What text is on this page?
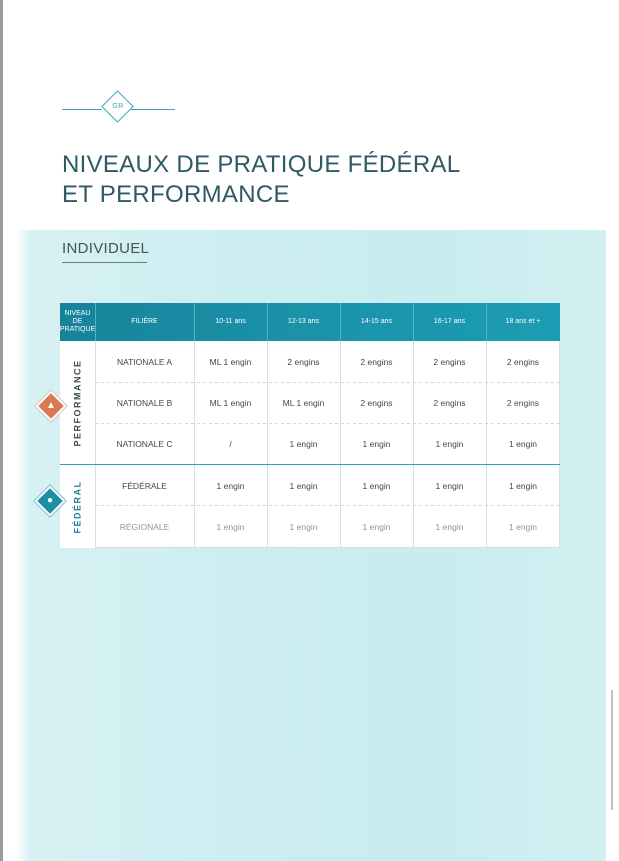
GR
NIVEAUX DE PRATIQUE FÉDÉRAL
ET PERFORMANCE
INDIVIDUEL
NIVEAU DE
PRATIQUE
FILIÈRE	10-11 ans	12-13 ans	14-15 ans	16-17 ans	18 ans et +
PERFORMANCE
FÉDÉRAL
NATIONALE A	ML 1 engin	2 engins	2 engins	2 engins	2 engins
NATIONALE B	ML 1 engin	ML 1 engin	2 engins	2 engins	2 engins
NATIONALE C	/	1 engin	1 engin	1 engin	1 engin
FÉDÉRALE	1 engin	1 engin	1 engin	1 engin	1 engin
RÉGIONALE	1 engin	1 engin	1 engin	1 engin	1 engin
▲
●
